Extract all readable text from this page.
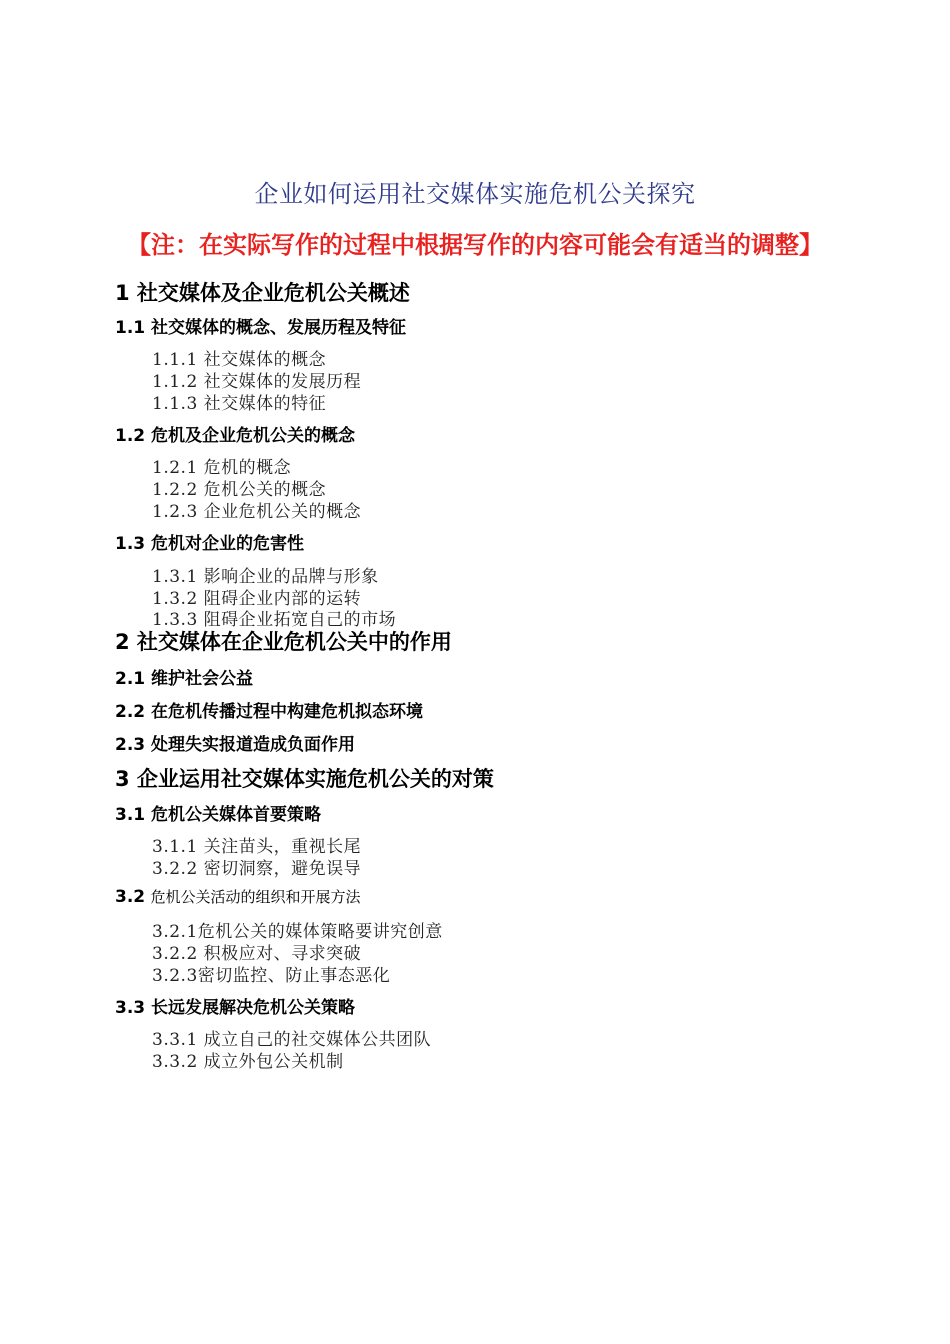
企业如何运用社交媒体实施危机公关探究
【注：在实际写作的过程中根据写作的内容可能会有适当的调整】
1 社交媒体及企业危机公关概述
1.1 社交媒体的概念、发展历程及特征
1.1.1 社交媒体的概念
1.1.2 社交媒体的发展历程
1.1.3 社交媒体的特征
1.2 危机及企业危机公关的概念
1.2.1 危机的概念
1.2.2 危机公关的概念
1.2.3 企业危机公关的概念
1.3 危机对企业的危害性
1.3.1 影响企业的品牌与形象
1.3.2 阻碍企业内部的运转
1.3.3 阻碍企业拓宽自己的市场
2 社交媒体在企业危机公关中的作用
2.1 维护社会公益
2.2 在危机传播过程中构建危机拟态环境
2.3 处理失实报道造成负面作用
3 企业运用社交媒体实施危机公关的对策
3.1 危机公关媒体首要策略
3.1.1 关注苗头，重视长尾
3.2.2 密切洞察，避免误导
3.2 危机公关活动的组织和开展方法
3.2.1危机公关的媒体策略要讲究创意
3.2.2 积极应对、寻求突破
3.2.3密切监控、防止事态恶化
3.3 长远发展解决危机公关策略
3.3.1 成立自己的社交媒体公共团队
3.3.2 成立外包公关机制
